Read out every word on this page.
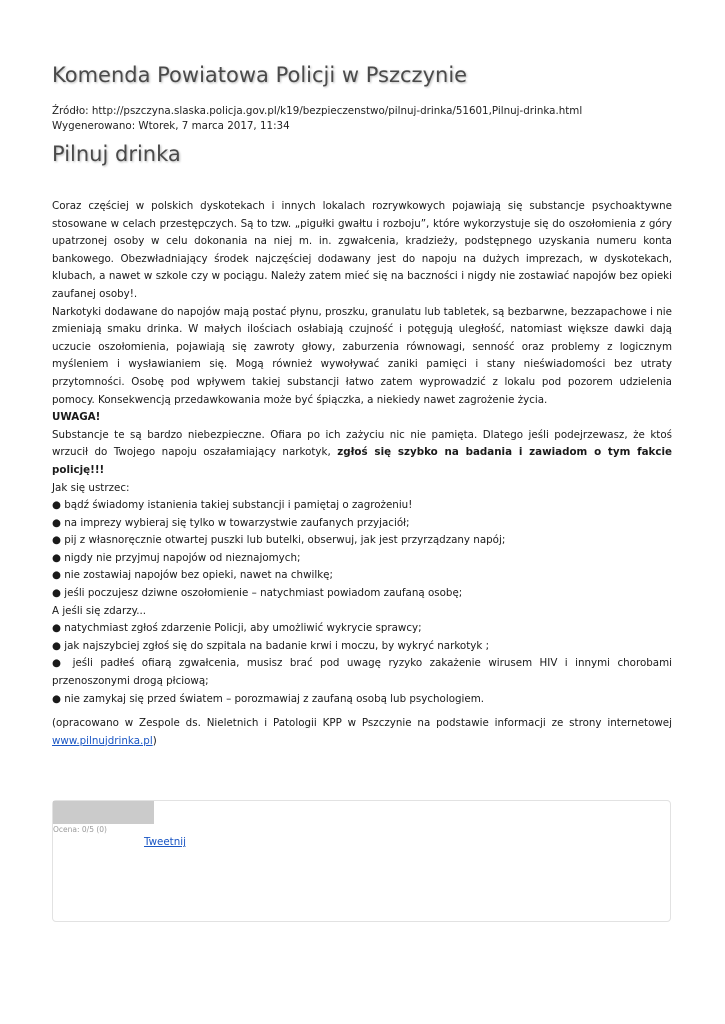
Komenda Powiatowa Policji w Pszczynie
Źródło: http://pszczyna.slaska.policja.gov.pl/k19/bezpieczenstwo/pilnuj-drinka/51601,Pilnuj-drinka.html
Wygenerowano: Wtorek, 7 marca 2017, 11:34
Pilnuj drinka

Coraz częściej w polskich dyskotekach i innych lokalach rozrywkowych pojawiają się substancje psychoaktywne stosowane w celach przestępczych. Są to tzw. „pigułki gwałtu i rozboju”, które wykorzystuje się do oszołomienia z góry upatrzonej osoby w celu dokonania na niej m. in. zgwałcenia, kradzieży, podstępnego uzyskania numeru konta bankowego. Obezwładniający środek najczęściej dodawany jest do napoju na dużych imprezach, w dyskotekach, klubach, a nawet w szkole czy w pociągu. Należy zatem mieć się na baczności i nigdy nie zostawiać napojów bez opieki zaufanej osoby!.

Narkotyki dodawane do napojów mają postać płynu, proszku, granulatu lub tabletek, są bezbarwne, bezzapachowe i nie zmieniają smaku drinka. W małych ilościach osłabiają czujność i potęgują uległość, natomiast większe dawki dają uczucie oszołomienia, pojawiają się zawroty głowy, zaburzenia równowagi, senność oraz problemy z logicznym myśleniem i wysławianiem się. Mogą również wywoływać zaniki pamięci i stany nieświadomości bez utraty przytomności. Osobę pod wpływem takiej substancji łatwo zatem wyprowadzić z lokalu pod pozorem udzielenia pomocy. Konsekwencją przedawkowania może być śpiączka, a niekiedy nawet zagrożenie życia.

UWAGA!

Substancje te są bardzo niebezpieczne. Ofiara po ich zażyciu nic nie pamięta. Dlatego jeśli podejrzewasz, że ktoś wrzucił do Twojego napoju oszałamiający narkotyk, zgłoś się szybko na badania i zawiadom o tym fakcie policję!!!

Jak się ustrzec:

● bądź świadomy istanienia takiej substancji i pamiętaj o zagrożeniu!

● na imprezy wybieraj się tylko w towarzystwie zaufanych przyjaciół;

● pij z własnoręcznie otwartej puszki lub butelki, obserwuj, jak jest przyrządzany napój;

● nigdy nie przyjmuj napojów od nieznajomych;

● nie zostawiaj napojów bez opieki, nawet na chwilkę;

● jeśli poczujesz dziwne oszołomienie – natychmiast powiadom zaufaną osobę;

A jeśli się zdarzy...

● natychmiast zgłoś zdarzenie Policji, aby umożliwić wykrycie sprawcy;

● jak najszybciej zgłoś się do szpitala na badanie krwi i moczu, by wykryć narkotyk ;

● jeśli padłeś ofiarą zgwałcenia, musisz brać pod uwagę ryzyko zakażenie wirusem HIV i innymi chorobami przenoszonymi drogą płciową;

● nie zamykaj się przed światem – porozmawiaj z zaufaną osobą lub psychologiem.

(opracowano w Zespole ds. Nieletnich i Patologii KPP w Pszczynie na podstawie informacji ze strony internetowej www.pilnujdrinka.pl)
Ocena: 0/5 (0)
Tweetnij
